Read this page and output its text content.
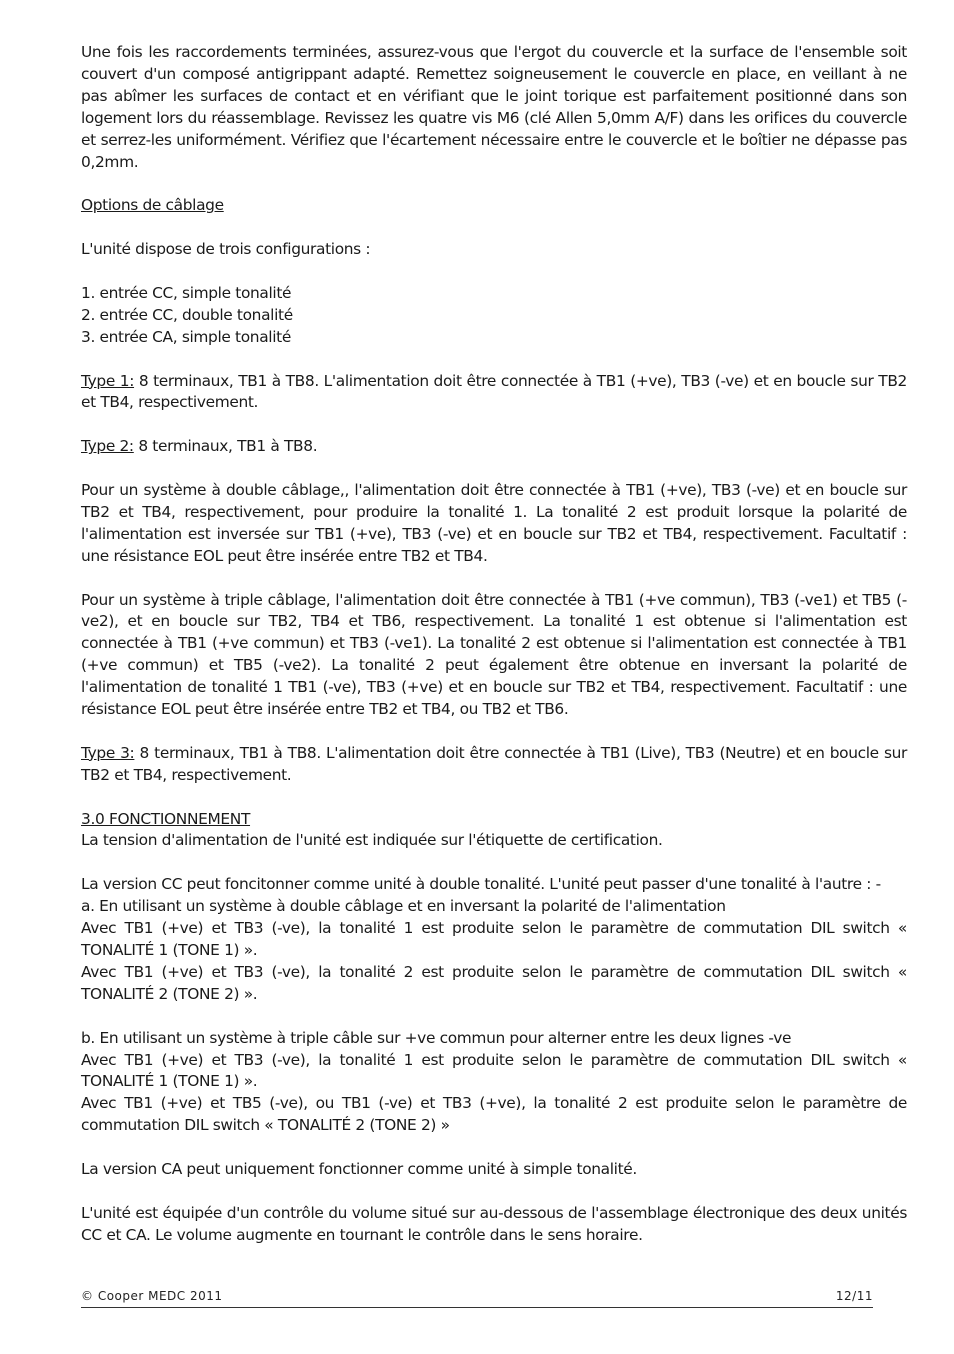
Une fois les raccordements terminées, assurez-vous que l'ergot du couvercle et la surface de l'ensemble soit couvert d'un composé antigrippant adapté. Remettez soigneusement le couvercle en place, en veillant à ne pas abîmer les surfaces de contact et en vérifiant que le joint torique est parfaitement positionné dans son logement lors du réassemblage. Revissez les quatre vis M6 (clé Allen 5,0mm A/F) dans les orifices du couvercle et serrez-les uniformément. Vérifiez que l'écartement nécessaire entre le couvercle et le boîtier ne dépasse pas 0,2mm.

Options de câblage

L'unité dispose de trois configurations :

1. entrée CC, simple tonalité
2. entrée CC, double tonalité
3. entrée CA, simple tonalité

Type 1: 8 terminaux, TB1 à TB8. L'alimentation doit être connectée à TB1 (+ve), TB3 (-ve) et en boucle sur TB2 et TB4, respectivement.

Type 2: 8 terminaux, TB1 à TB8.

Pour un système à double câblage,, l'alimentation doit être connectée à TB1 (+ve), TB3 (-ve) et en boucle sur TB2 et TB4, respectivement, pour produire la tonalité 1. La tonalité 2 est produit lorsque la polarité de l'alimentation est inversée sur TB1 (+ve), TB3 (-ve) et en boucle sur TB2 et TB4, respectivement. Facultatif : une résistance EOL peut être insérée entre TB2 et TB4.

Pour un système à triple câblage, l'alimentation doit être connectée à TB1 (+ve commun), TB3 (-ve1) et TB5 (-ve2), et en boucle sur TB2, TB4 et TB6, respectivement. La tonalité 1 est obtenue si l'alimentation est connectée à TB1 (+ve commun) et TB3 (-ve1). La tonalité 2 est obtenue si l'alimentation est connectée à TB1 (+ve commun) et TB5 (-ve2). La tonalité 2 peut également être obtenue en inversant la polarité de l'alimentation de tonalité 1 TB1 (-ve), TB3 (+ve) et en boucle sur TB2 et TB4, respectivement. Facultatif : une résistance EOL peut être insérée entre TB2 et TB4, ou TB2 et TB6.

Type 3: 8 terminaux, TB1 à TB8. L'alimentation doit être connectée à TB1 (Live), TB3 (Neutre) et en boucle sur TB2 et TB4, respectivement.

3.0 FONCTIONNEMENT

La tension d'alimentation de l'unité est indiquée sur l'étiquette de certification.

La version CC peut foncitonner comme unité à double tonalité. L'unité peut passer d'une tonalité à l'autre : -
a. En utilisant un système à double câblage et en inversant la polarité de l'alimentation
Avec TB1 (+ve) et TB3 (-ve), la tonalité 1 est produite selon le paramètre de commutation DIL switch « TONALITÉ 1 (TONE 1) ».
Avec TB1 (+ve) et TB3 (-ve), la tonalité 2 est produite selon le paramètre de commutation DIL switch « TONALITÉ 2 (TONE 2) ».

b. En utilisant un système à triple câble sur +ve commun pour alterner entre les deux lignes -ve
Avec TB1 (+ve) et TB3 (-ve), la tonalité 1 est produite selon le paramètre de commutation DIL switch « TONALITÉ 1 (TONE 1) ».
Avec TB1 (+ve) et TB5 (-ve), ou TB1 (-ve) et TB3 (+ve), la tonalité 2 est produite selon le paramètre de commutation DIL switch « TONALITÉ 2 (TONE 2) »

La version CA peut uniquement fonctionner comme unité à simple tonalité.

L'unité est équipée d'un contrôle du volume situé sur au-dessous de l'assemblage électronique des deux unités CC et CA. Le volume augmente en tournant le contrôle dans le sens horaire.

© Cooper MEDC 2011	12/11
